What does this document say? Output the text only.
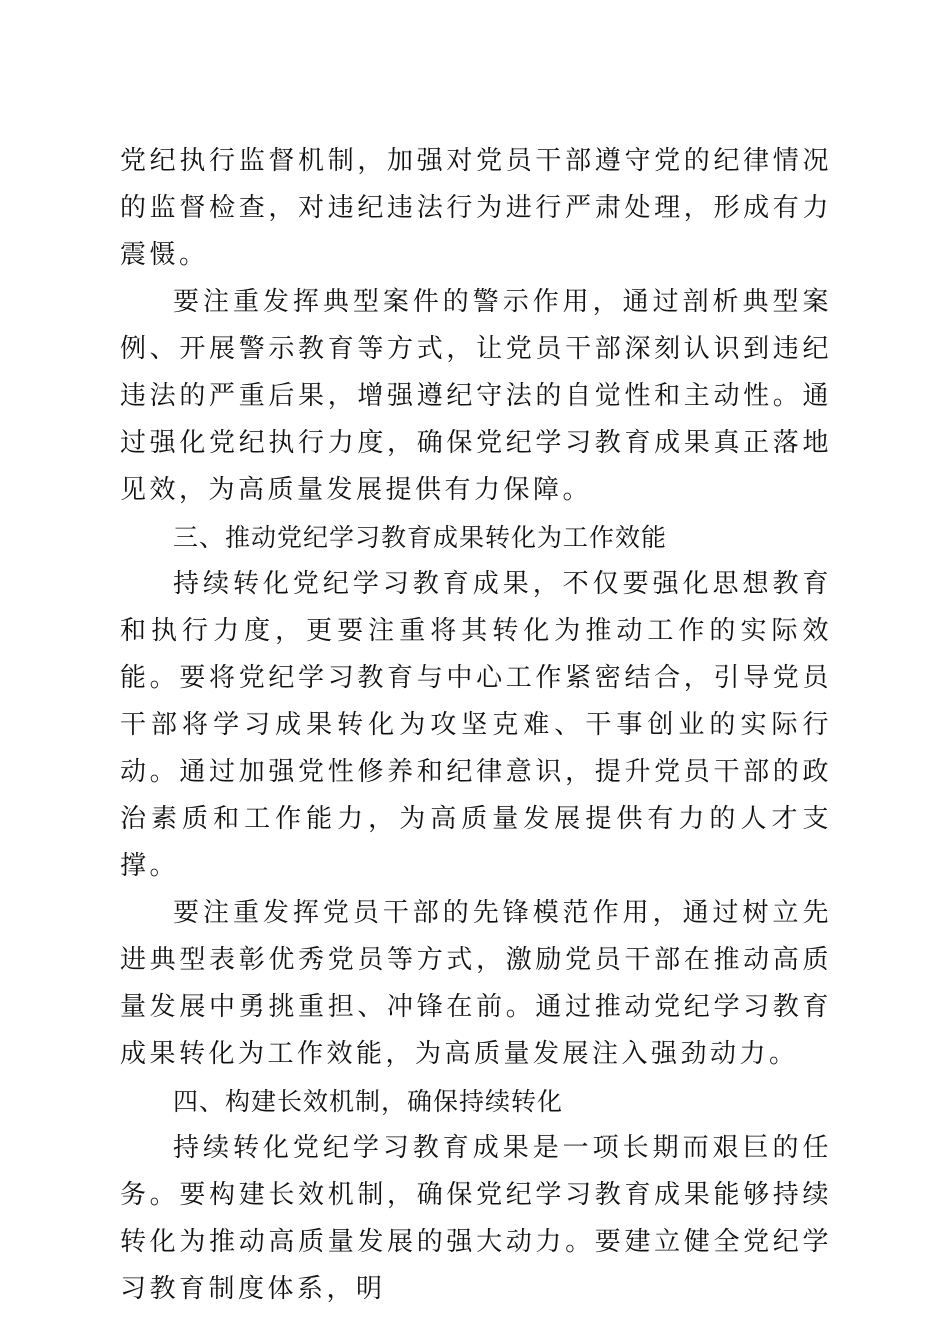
党纪执行监督机制，加强对党员干部遵守党的纪律情况的监督检查，对违纪违法行为进行严肃处理，形成有力震慑。

要注重发挥典型案件的警示作用，通过剖析典型案例、开展警示教育等方式，让党员干部深刻认识到违纪违法的严重后果，增强遵纪守法的自觉性和主动性。通过强化党纪执行力度，确保党纪学习教育成果真正落地见效，为高质量发展提供有力保障。

三、推动党纪学习教育成果转化为工作效能

持续转化党纪学习教育成果，不仅要强化思想教育和执行力度，更要注重将其转化为推动工作的实际效能。要将党纪学习教育与中心工作紧密结合，引导党员干部将学习成果转化为攻坚克难、干事创业的实际行动。通过加强党性修养和纪律意识，提升党员干部的政治素质和工作能力，为高质量发展提供有力的人才支撑。

要注重发挥党员干部的先锋模范作用，通过树立先进典型表彰优秀党员等方式，激励党员干部在推动高质量发展中勇挑重担、冲锋在前。通过推动党纪学习教育成果转化为工作效能，为高质量发展注入强劲动力。

四、构建长效机制，确保持续转化

持续转化党纪学习教育成果是一项长期而艰巨的任务。要构建长效机制，确保党纪学习教育成果能够持续转化为推动高质量发展的强大动力。要建立健全党纪学习教育制度体系，明
